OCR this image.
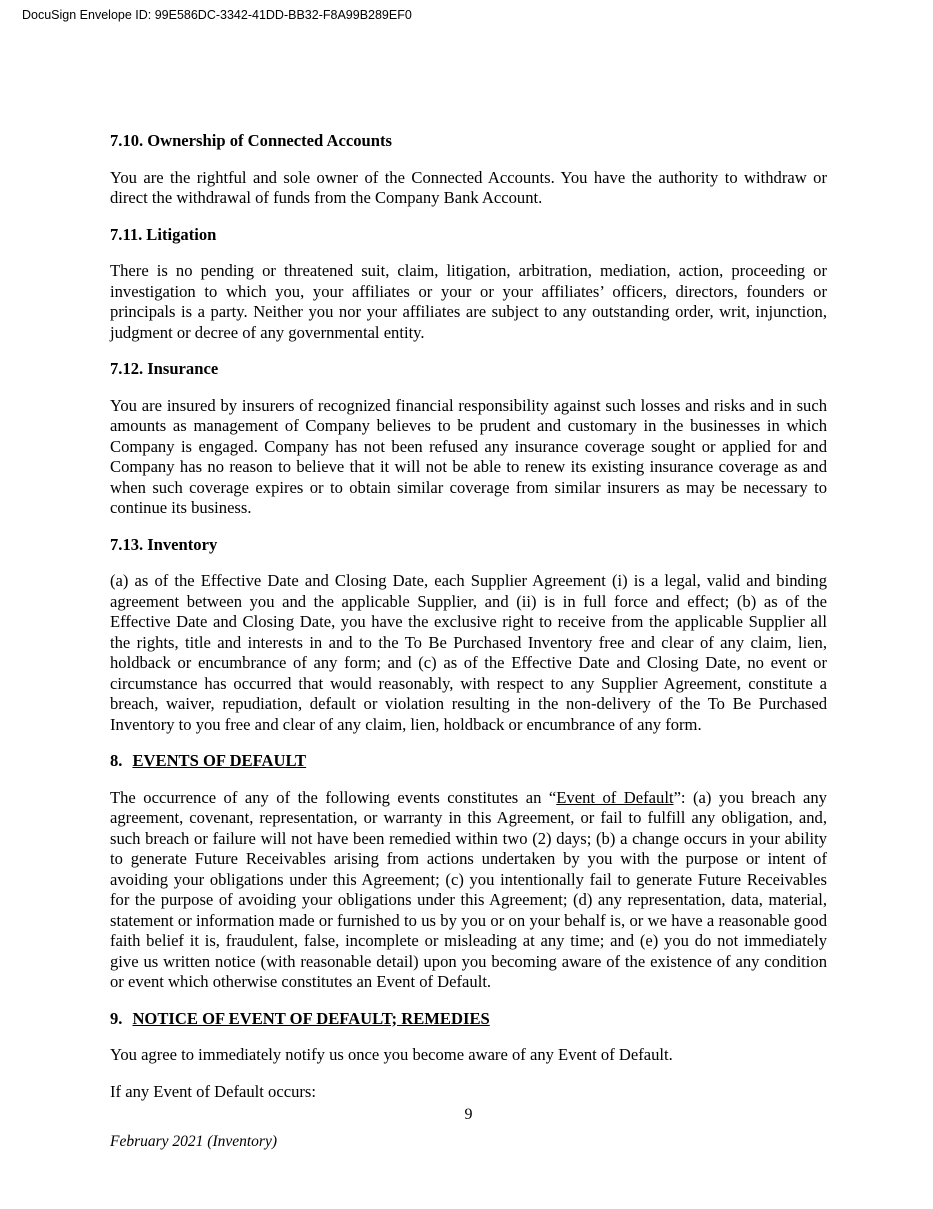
DocuSign Envelope ID: 99E586DC-3342-41DD-BB32-F8A99B289EF0
7.10. Ownership of Connected Accounts

You are the rightful and sole owner of the Connected Accounts. You have the authority to withdraw or direct the withdrawal of funds from the Company Bank Account.

7.11. Litigation

There is no pending or threatened suit, claim, litigation, arbitration, mediation, action, proceeding or investigation to which you, your affiliates or your or your affiliates’ officers, directors, founders or principals is a party. Neither you nor your affiliates are subject to any outstanding order, writ, injunction, judgment or decree of any governmental entity.

7.12. Insurance

You are insured by insurers of recognized financial responsibility against such losses and risks and in such amounts as management of Company believes to be prudent and customary in the businesses in which Company is engaged. Company has not been refused any insurance coverage sought or applied for and Company has no reason to believe that it will not be able to renew its existing insurance coverage as and when such coverage expires or to obtain similar coverage from similar insurers as may be necessary to continue its business.

7.13. Inventory

(a) as of the Effective Date and Closing Date, each Supplier Agreement (i) is a legal, valid and binding agreement between you and the applicable Supplier, and (ii) is in full force and effect; (b) as of the Effective Date and Closing Date, you have the exclusive right to receive from the applicable Supplier all the rights, title and interests in and to the To Be Purchased Inventory free and clear of any claim, lien, holdback or encumbrance of any form; and (c) as of the Effective Date and Closing Date, no event or circumstance has occurred that would reasonably, with respect to any Supplier Agreement, constitute a breach, waiver, repudiation, default or violation resulting in the non-delivery of the To Be Purchased Inventory to you free and clear of any claim, lien, holdback or encumbrance of any form.

8. EVENTS OF DEFAULT

The occurrence of any of the following events constitutes an “Event of Default”: (a) you breach any agreement, covenant, representation, or warranty in this Agreement, or fail to fulfill any obligation, and, such breach or failure will not have been remedied within two (2) days; (b) a change occurs in your ability to generate Future Receivables arising from actions undertaken by you with the purpose or intent of avoiding your obligations under this Agreement; (c) you intentionally fail to generate Future Receivables for the purpose of avoiding your obligations under this Agreement; (d) any representation, data, material, statement or information made or furnished to us by you or on your behalf is, or we have a reasonable good faith belief it is, fraudulent, false, incomplete or misleading at any time; and (e) you do not immediately give us written notice (with reasonable detail) upon you becoming aware of the existence of any condition or event which otherwise constitutes an Event of Default.

9. NOTICE OF EVENT OF DEFAULT; REMEDIES

You agree to immediately notify us once you become aware of any Event of Default.

If any Event of Default occurs:

9
February 2021 (Inventory)
